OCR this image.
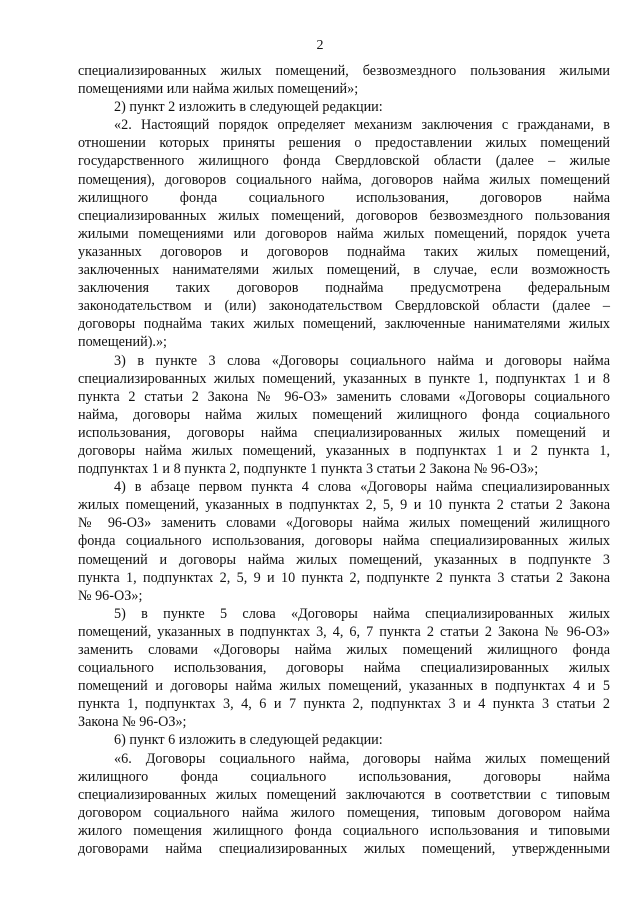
2
специализированных жилых помещений, безвозмездного пользования жилыми
помещениями или найма жилых помещений»;
2) пункт 2 изложить в следующей редакции:
«2. Настоящий порядок определяет механизм заключения с гражданами, в
отношении которых приняты решения о предоставлении жилых помещений
государственного жилищного фонда Свердловской области (далее – жилые
помещения), договоров социального найма, договоров найма жилых помещений
жилищного фонда социального использования, договоров найма
специализированных жилых помещений, договоров безвозмездного пользования
жилыми помещениями или договоров найма жилых помещений, порядок учета
указанных договоров и договоров поднайма таких жилых помещений,
заключенных нанимателями жилых помещений, в случае, если возможность
заключения таких договоров поднайма предусмотрена федеральным
законодательством и (или) законодательством Свердловской области (далее –
договоры поднайма таких жилых помещений, заключенные нанимателями жилых
помещений).»;
3) в пункте 3 слова «Договоры социального найма и договоры найма
специализированных жилых помещений, указанных в пункте 1, подпунктах 1 и 8
пункта 2 статьи 2 Закона № 96-ОЗ» заменить словами «Договоры социального
найма, договоры найма жилых помещений жилищного фонда социального
использования, договоры найма специализированных жилых помещений и
договоры найма жилых помещений, указанных в подпунктах 1 и 2 пункта 1,
подпунктах 1 и 8 пункта 2, подпункте 1 пункта 3 статьи 2 Закона № 96-ОЗ»;
4) в абзаце первом пункта 4 слова «Договоры найма специализированных
жилых помещений, указанных в подпунктах 2, 5, 9 и 10 пункта 2 статьи 2 Закона
№ 96-ОЗ» заменить словами «Договоры найма жилых помещений жилищного
фонда социального использования, договоры найма специализированных жилых
помещений и договоры найма жилых помещений, указанных в подпункте 3
пункта 1, подпунктах 2, 5, 9 и 10 пункта 2, подпункте 2 пункта 3 статьи 2 Закона
№ 96-ОЗ»;
5) в пункте 5 слова «Договоры найма специализированных жилых
помещений, указанных в подпунктах 3, 4, 6, 7 пункта 2 статьи 2 Закона № 96-ОЗ»
заменить словами «Договоры найма жилых помещений жилищного фонда
социального использования, договоры найма специализированных жилых
помещений и договоры найма жилых помещений, указанных в подпунктах 4 и 5
пункта 1, подпунктах 3, 4, 6 и 7 пункта 2, подпунктах 3 и 4 пункта 3 статьи 2
Закона № 96-ОЗ»;
6) пункт 6 изложить в следующей редакции:
«6. Договоры социального найма, договоры найма жилых помещений
жилищного фонда социального использования, договоры найма
специализированных жилых помещений заключаются в соответствии с типовым
договором социального найма жилого помещения, типовым договором найма
жилого помещения жилищного фонда социального использования и типовыми
договорами найма специализированных жилых помещений, утвержденными
